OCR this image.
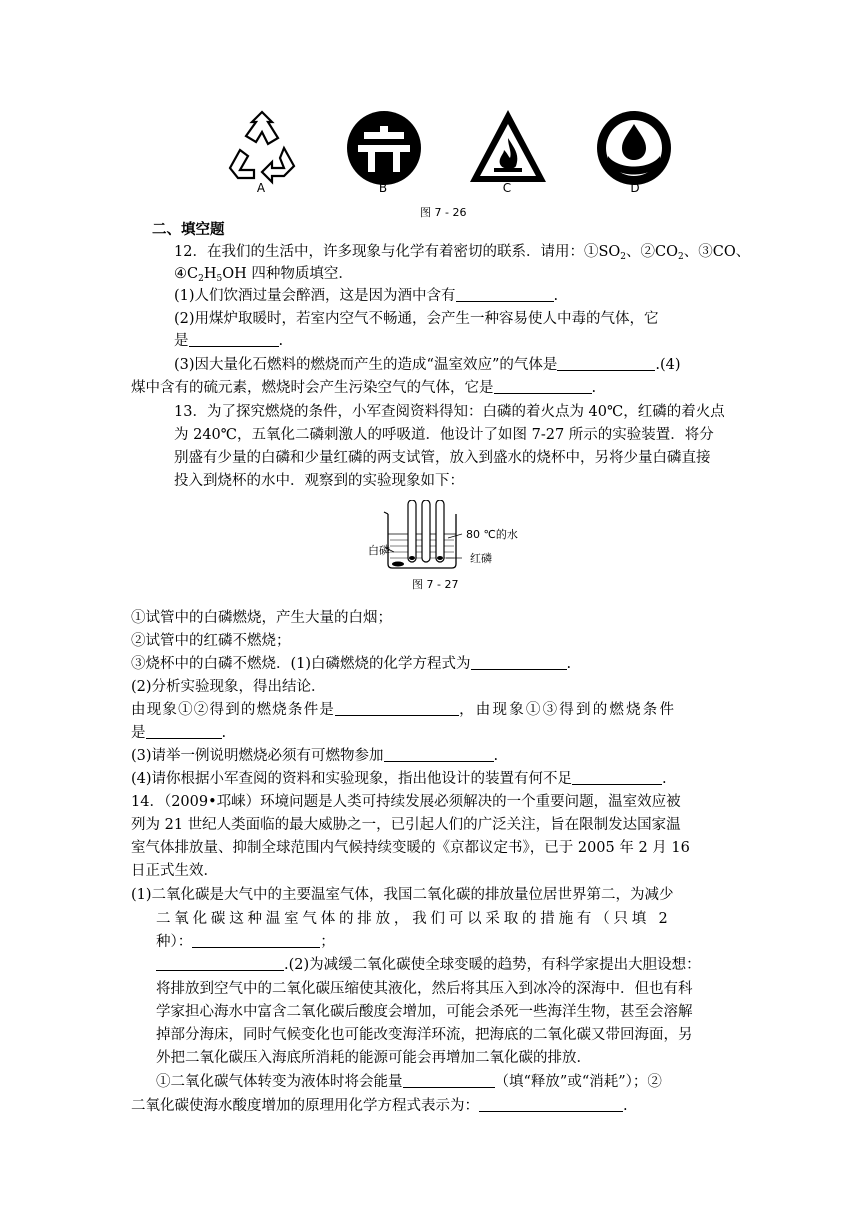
A	B	C	D
图 7 - 26
二、填空题
12．在我们的生活中，许多现象与化学有着密切的联系．请用：$①SO_2$、$②CO_2$、③CO、
$④C_2H_5OH$ 四种物质填空．
(1)人们饮酒过量会醉酒，这是因为酒中含有	.
(2)用煤炉取暖时，若室内空气不畅通，会产生一种容易使人中毒的气体，它
是	.
(3)因大量化石燃料的燃烧而产生的造成“温室效应”的气体是	.(4)
煤中含有的硫元素，燃烧时会产生污染空气的气体，它是	.
13．为了探究燃烧的条件，小军查阅资料得知：白磷的着火点为 40℃，红磷的着火点
为 240℃，五氧化二磷刺激人的呼吸道．他设计了如图 7-27 所示的实验装置．将分
别盛有少量的白磷和少量红磷的两支试管，放入到盛水的烧杯中，另将少量白磷直接
投入到烧杯的水中．观察到的实验现象如下：
80 ℃的水
白磷
红磷
图 7 - 27
①试管中的白磷燃烧，产生大量的白烟；
②试管中的红磷不燃烧；
③烧杯中的白磷不燃烧．(1)白磷燃烧的化学方程式为	.
(2)分析实验现象，得出结论．
由现象①②得到的燃烧条件是	，由现象①③得到的燃烧条件
是	.
(3)请举一例说明燃烧必须有可燃物参加	.
(4)请你根据小军查阅的资料和实验现象，指出他设计的装置有何不足	.
14．（2009•邛崃）环境问题是人类可持续发展必须解决的一个重要问题，温室效应被
列为 21 世纪人类面临的最大威胁之一，已引起人们的广泛关注，旨在限制发达国家温
室气体排放量、抑制全球范围内气候持续变暖的《京都议定书》，已于 2005 年 2 月 16
日正式生效．
(1)二氧化碳是大气中的主要温室气体，我国二氧化碳的排放量位居世界第二，为减少
二氧化碳这种温室气体的排放，我们可以采取的措施有（只填 2
种）：	；
.(2)为减缓二氧化碳使全球变暖的趋势，有科学家提出大胆设想：
将排放到空气中的二氧化碳压缩使其液化，然后将其压入到冰冷的深海中．但也有科
学家担心海水中富含二氧化碳后酸度会增加，可能会杀死一些海洋生物，甚至会溶解
掉部分海床，同时气候变化也可能改变海洋环流，把海底的二氧化碳又带回海面，另
外把二氧化碳压入海底所消耗的能源可能会再增加二氧化碳的排放．
①二氧化碳气体转变为液体时将会能量	（填“释放”或“消耗”）；②
二氧化碳使海水酸度增加的原理用化学方程式表示为：	.
